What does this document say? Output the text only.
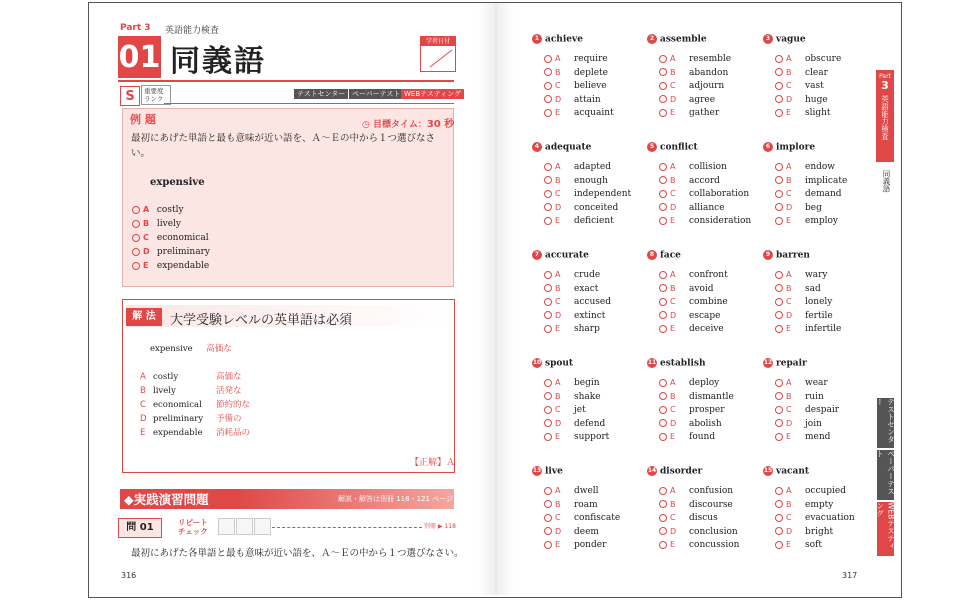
Part 3 英語能力検査
01 同義語
学習日付
S	重要度ランク
テストセンター ペーパーテスト WEBテスティング
例 題	◷ 目標タイム：30 秒
最初にあげた単語と最も意味が近い語を、Ａ～Ｅの中から１つ選びなさい。
expensive
A costly
B lively
C economical
D preliminary
E expendable
解 法	大学受験レベルの英単語は必須
expensive 高価な
A costly	高価な
B lively	活発な
C economical 節約的な
D preliminary 予備の
E expendable 消耗品の
【正解】Ａ
◆実践演習問題	解説・解答は別冊 118・121 ページ
問 01	リピート
チェック
別冊 ▶ 118
最初にあげた各単語と最も意味が近い語を、Ａ～Ｅの中から１つ選びなさい。
316
1 achieve
A require
B deplete
C believe
D attain
E acquaint
2 assemble
A resemble
B abandon
C adjourn
D agree
E gather
3 vague
A obscure
B clear
C vast
D huge
E slight
4 adequate
A adapted
B enough
C independent
D conceited
E deficient
5 conflict
A collision
B accord
C collaboration
D alliance
E consideration
6 implore
A endow
B implicate
C demand
D beg
E employ
7 accurate
A crude
B exact
C accused
D extinct
E sharp
8 face
A confront
B avoid
C combine
D escape
E deceive
9 barren
A wary
B sad
C lonely
D fertile
E infertile
10 spout
A begin
B shake
C jet
D defend
E support
11 establish
A deploy
B dismantle
C prosper
D abolish
E found
12 repair
A wear
B ruin
C despair
D join
E mend
13 live
A dwell
B roam
C confiscate
D deem
E ponder
14 disorder
A confusion
B discourse
C discus
D conclusion
E concussion
15 vacant
A occupied
B empty
C evacuation
D bright
E soft
Part
3
英語能力検査
同義語
テストセンター
ペーパーテスト
WEBテスティング
317
